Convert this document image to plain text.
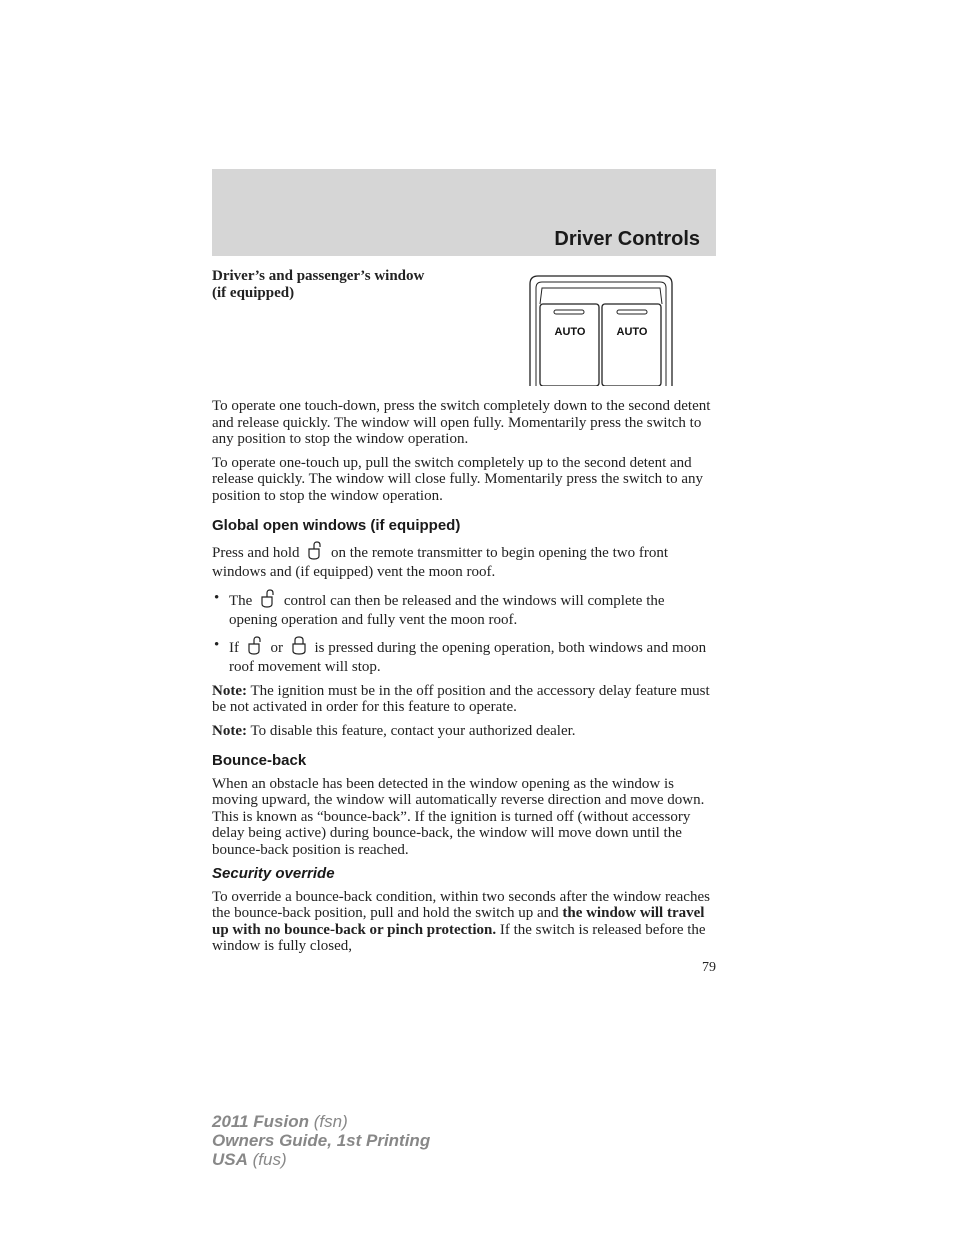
Driver Controls
Driver’s and passenger’s window
(if equipped)
AUTO	AUTO

To operate one touch-down, press the switch completely down to the second detent and release quickly. The window will open fully. Momentarily press the switch to any position to stop the window operation.

To operate one-touch up, pull the switch completely up to the second detent and release quickly. The window will close fully. Momentarily press the switch to any position to stop the window operation.

Global open windows (if equipped)

Press and hold on the remote transmitter to begin opening the two front windows and (if equipped) vent the moon roof.

• The control can then be released and the windows will complete the opening operation and fully vent the moon roof.
• If or is pressed during the opening operation, both windows and moon roof movement will stop.

Note: The ignition must be in the off position and the accessory delay feature must be not activated in order for this feature to operate.

Note: To disable this feature, contact your authorized dealer.

Bounce-back

When an obstacle has been detected in the window opening as the window is moving upward, the window will automatically reverse direction and move down. This is known as “bounce-back”. If the ignition is turned off (without accessory delay being active) during bounce-back, the window will move down until the bounce-back position is reached.

Security override

To override a bounce-back condition, within two seconds after the window reaches the bounce-back position, pull and hold the switch up and the window will travel up with no bounce-back or pinch protection. If the switch is released before the window is fully closed,

79
2011 Fusion (fsn)
Owners Guide, 1st Printing
USA (fus)
